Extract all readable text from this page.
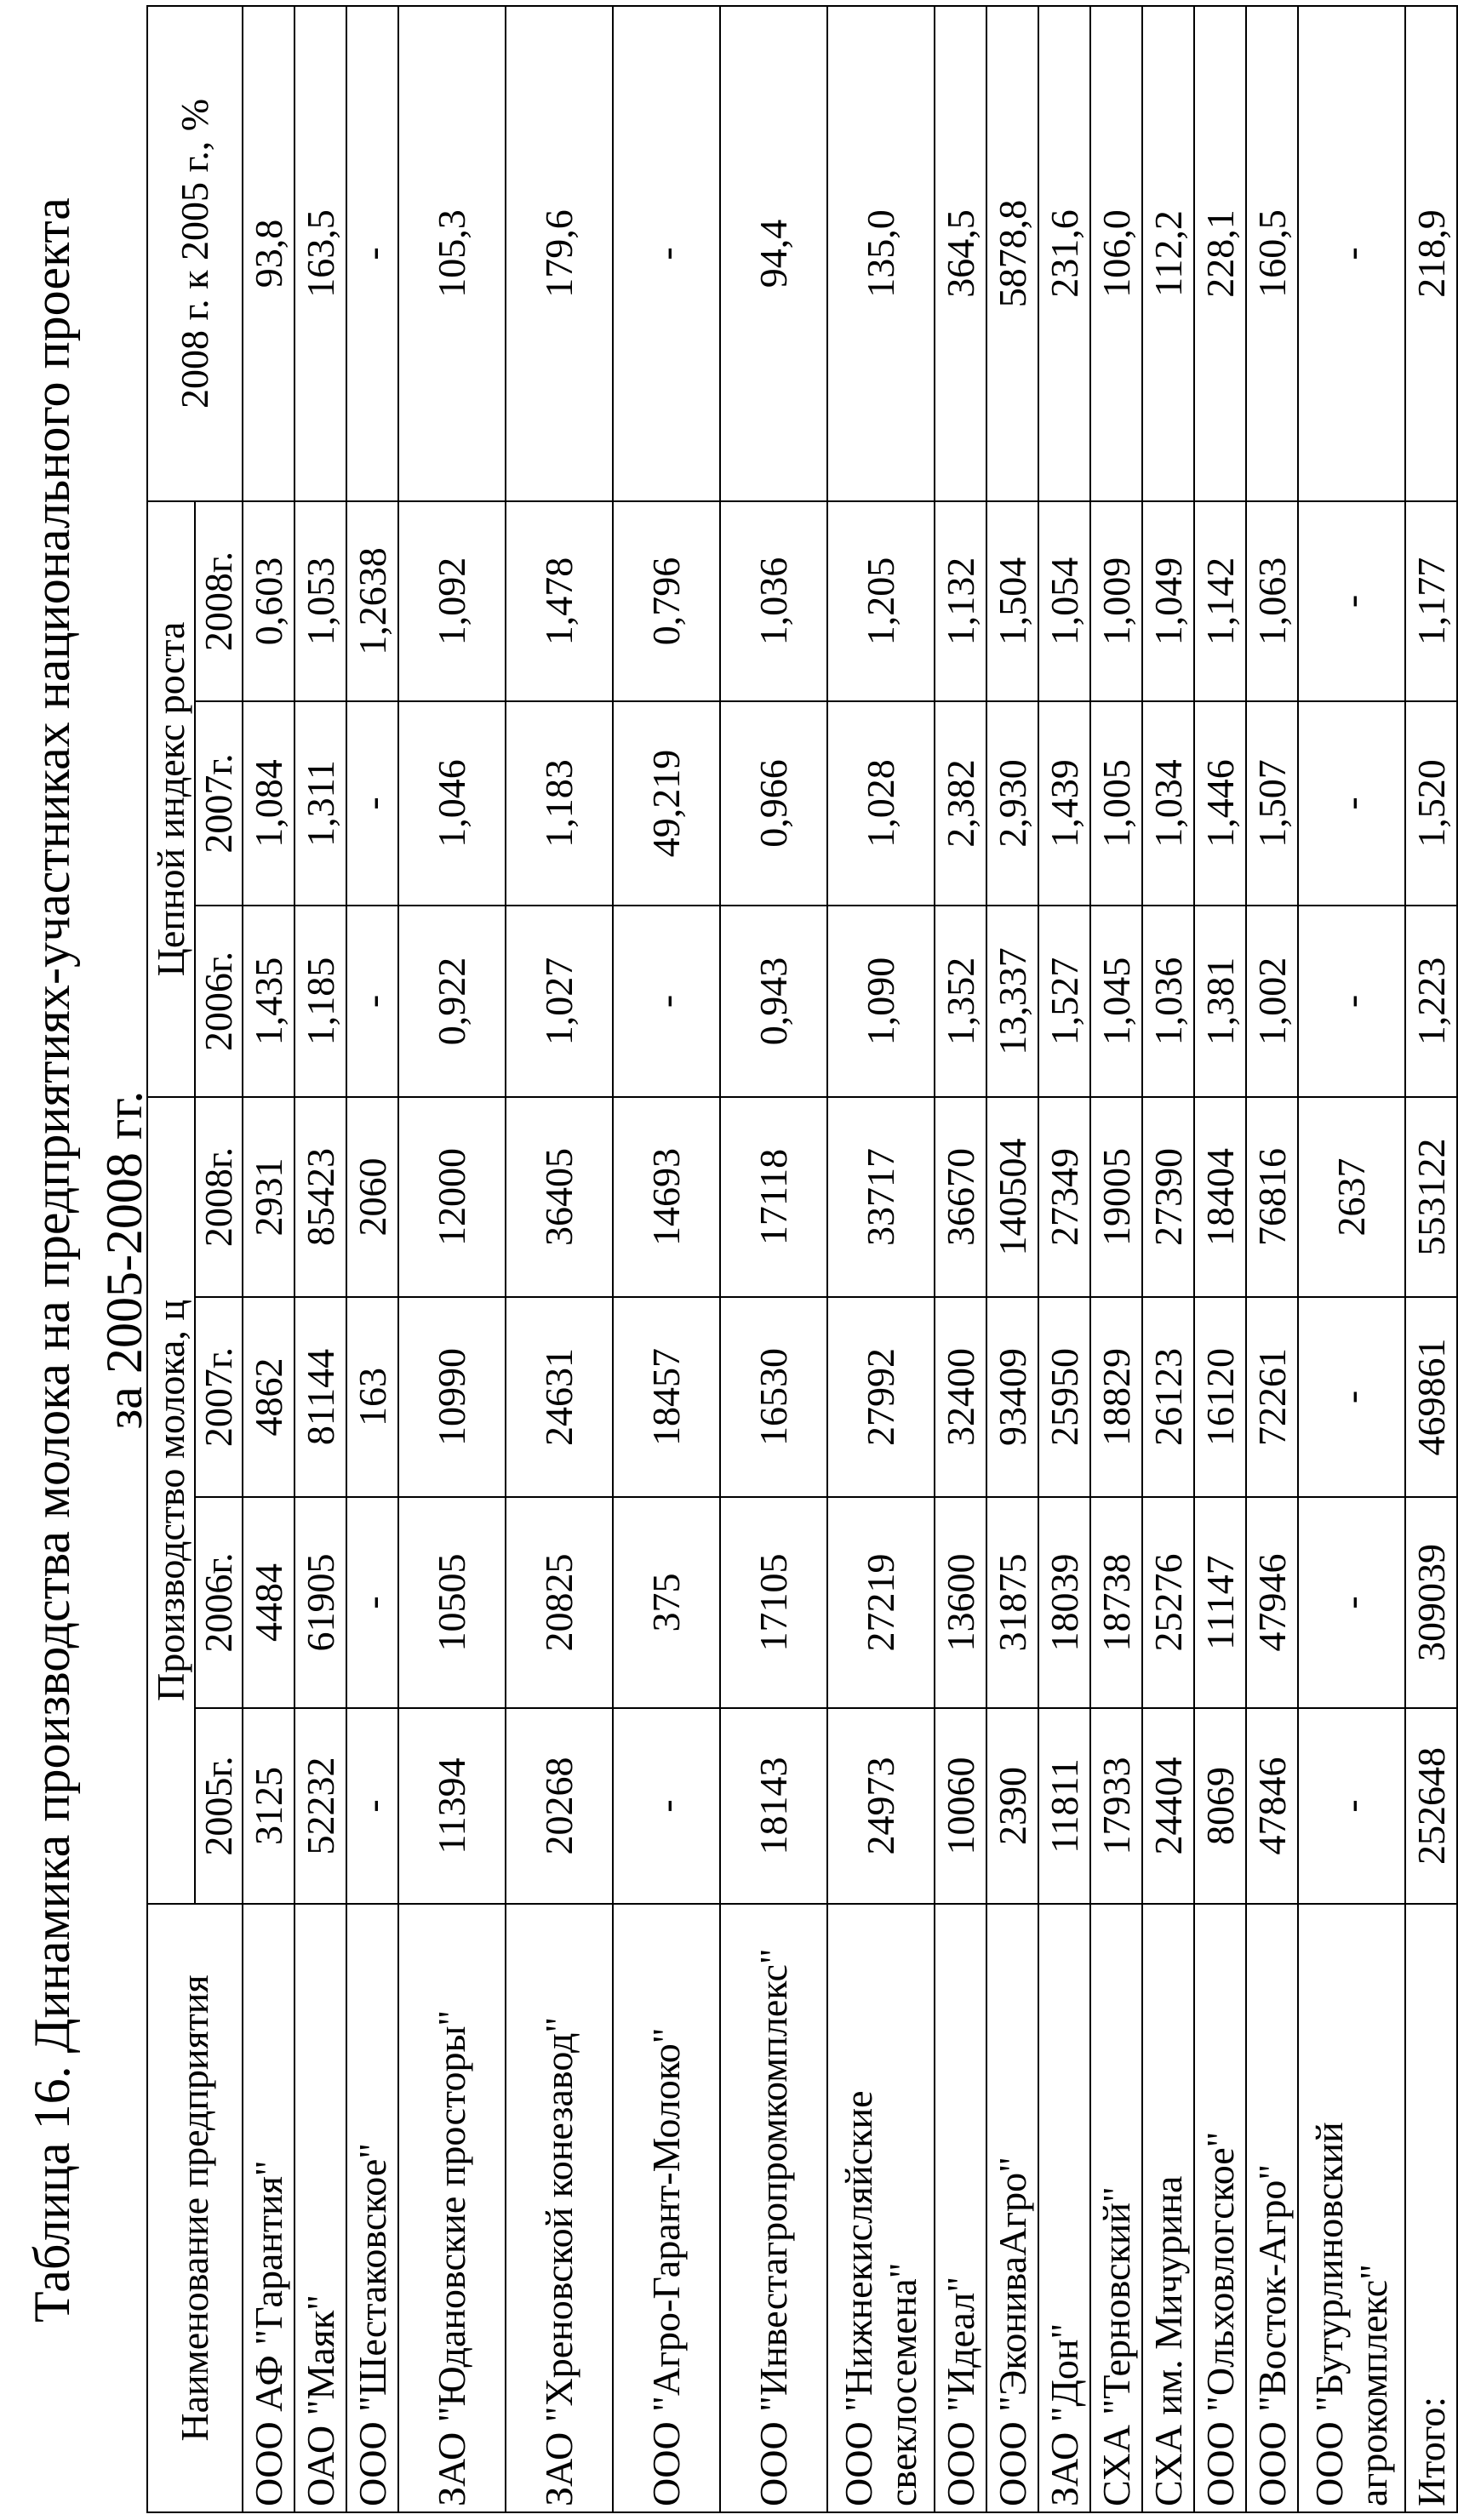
Таблица 16. Динамика производства молока на предприятиях-участниках национального проекта за 2005-2008 гг.
Наименование предприятия	Производство молока, ц				Цепной индекс роста			2008 г. к 2005 г., %
	2005г.	2006г.	2007г.	2008г.	2006г.	2007г.	2008г.	
ООО АФ "Гарантия"	3125	4484	4862	2931	1,435	1,084	0,603	93,8
ОАО "Маяк"	52232	61905	81144	85423	1,185	1,311	1,053	163,5
ООО "Шестаковское"	-	-	163	2060	-	-	1,2638	-
ЗАО "Юдановские просторы"	11394	10505	10990	12000	0,922	1,046	1,092	105,3
ЗАО "Хреновской конезавод"	20268	20825	24631	36405	1,027	1,183	1,478	179,6
ООО "Агро-Гарант-Молоко"	-	375	18457	14693	-	49,219	0,796	-
ООО "Инвестагропромкомплекс"	18143	17105	16530	17118	0,943	0,966	1,036	94,4
ООО "Нижнекисляйские свеклосемена"	24973	27219	27992	33717	1,090	1,028	1,205	135,0
ООО "Идеал"	10060	13600	32400	36670	1,352	2,382	1,132	364,5
ООО "ЭкониваАгро"	2390	31875	93409	140504	13,337	2,930	1,504	5878,8
ЗАО "Дон"	11811	18039	25950	27349	1,527	1,439	1,054	231,6
СХА "Терновский"	17933	18738	18829	19005	1,045	1,005	1,009	106,0
СХА им. Мичурина	24404	25276	26123	27390	1,036	1,034	1,049	112,2
ООО "Ольховлогское"	8069	11147	16120	18404	1,381	1,446	1,142	228,1
ООО "Восток-Агро"	47846	47946	72261	76816	1,002	1,507	1,063	160,5
ООО "Бутурлиновский агрокомплекс"	-	-	-	2637	-	-	-	-
Итого:	252648	309039	469861	553122	1,223	1,520	1,177	218,9
